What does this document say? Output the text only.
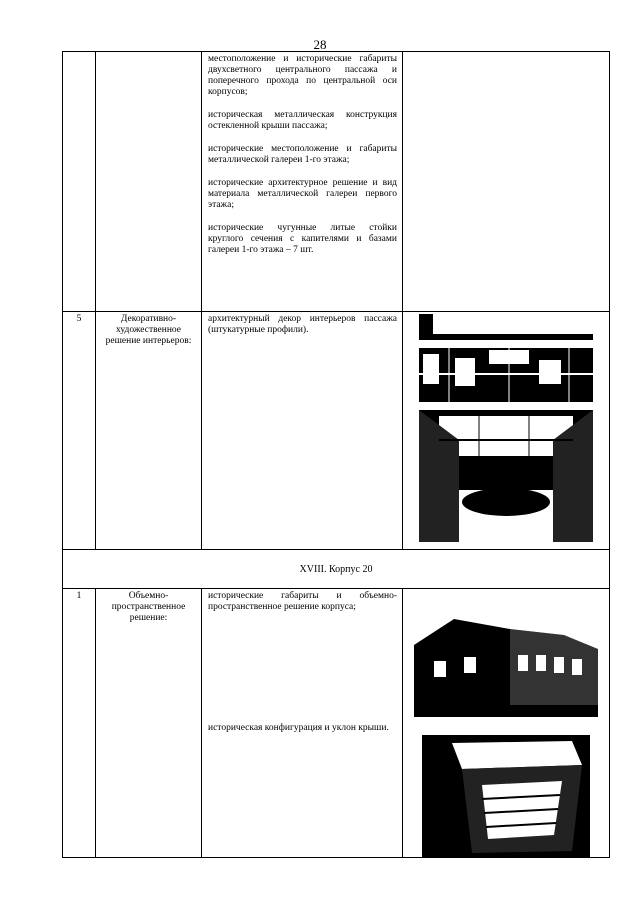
28

		местоположение и исторические габариты двухсветного центрального пассажа и поперечного прохода по центральной оси корпусов;

историческая металлическая конструкция остекленной крыши пассажа;

исторические местоположение и габариты металлической галереи 1-го этажа;

исторические архитектурное решение и вид материала металлической галереи первого этажа;

исторические чугунные литые стойки круглого сечения с капителями и базами галереи 1-го этажа – 7 шт.	

5	Декоративно-художественное решение интерьеров:	архитектурный декор интерьеров пассажа (штукатурные профили).

XVIII. Корпус 20			
1	Объемно-пространственное решение:	исторические габариты и объемно-пространственное решение корпуса;

историческая конфигурация и уклон крыши.
